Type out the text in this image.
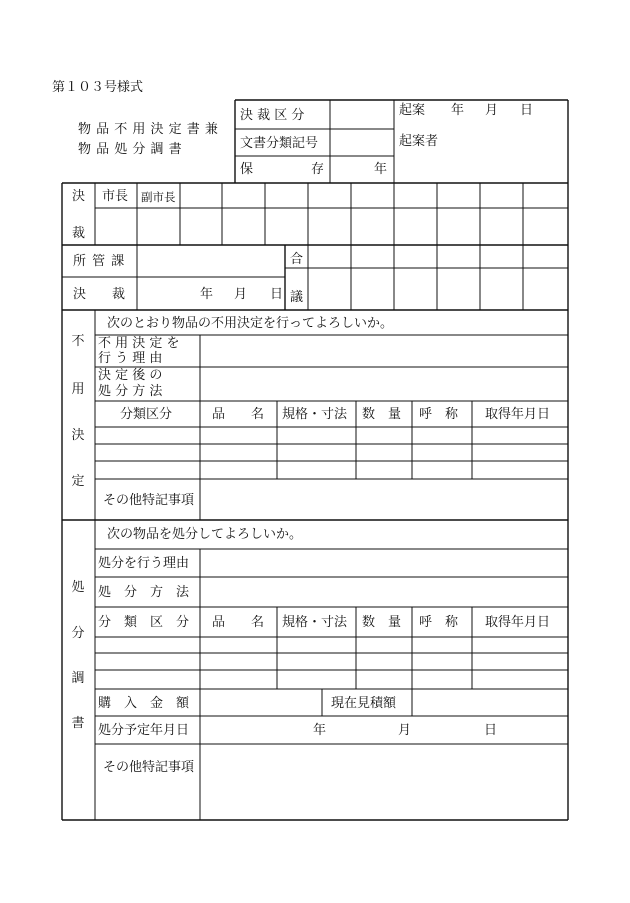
第１０３号様式
物 品 不 用 決 定 書 兼
物 品 処 分 調 書
決 裁 区 分
文書分類記号
保	存	年
起案 年 月 日
起案者
決
裁
市長 副市長
所 管 課
決 裁	年 月 日
合
議
不
用
決
定
次のとおり物品の不用決定を行ってよろしいか。
不 用 決 定 を
行 う 理 由
決 定 後 の
処 分 方 法
分類区分	品　　名 規格・寸法 数　量 呼　称 取得年月日
その他特記事項
処
分
調
書
次の物品を処分してよろしいか。
処分を行う理由
処　分　方　法
分　類　区　分 品　　名 規格・寸法 数　量 呼　称 取得年月日
購　入　金　額	現在見積額
処分予定年月日	年	月	日
その他特記事項
